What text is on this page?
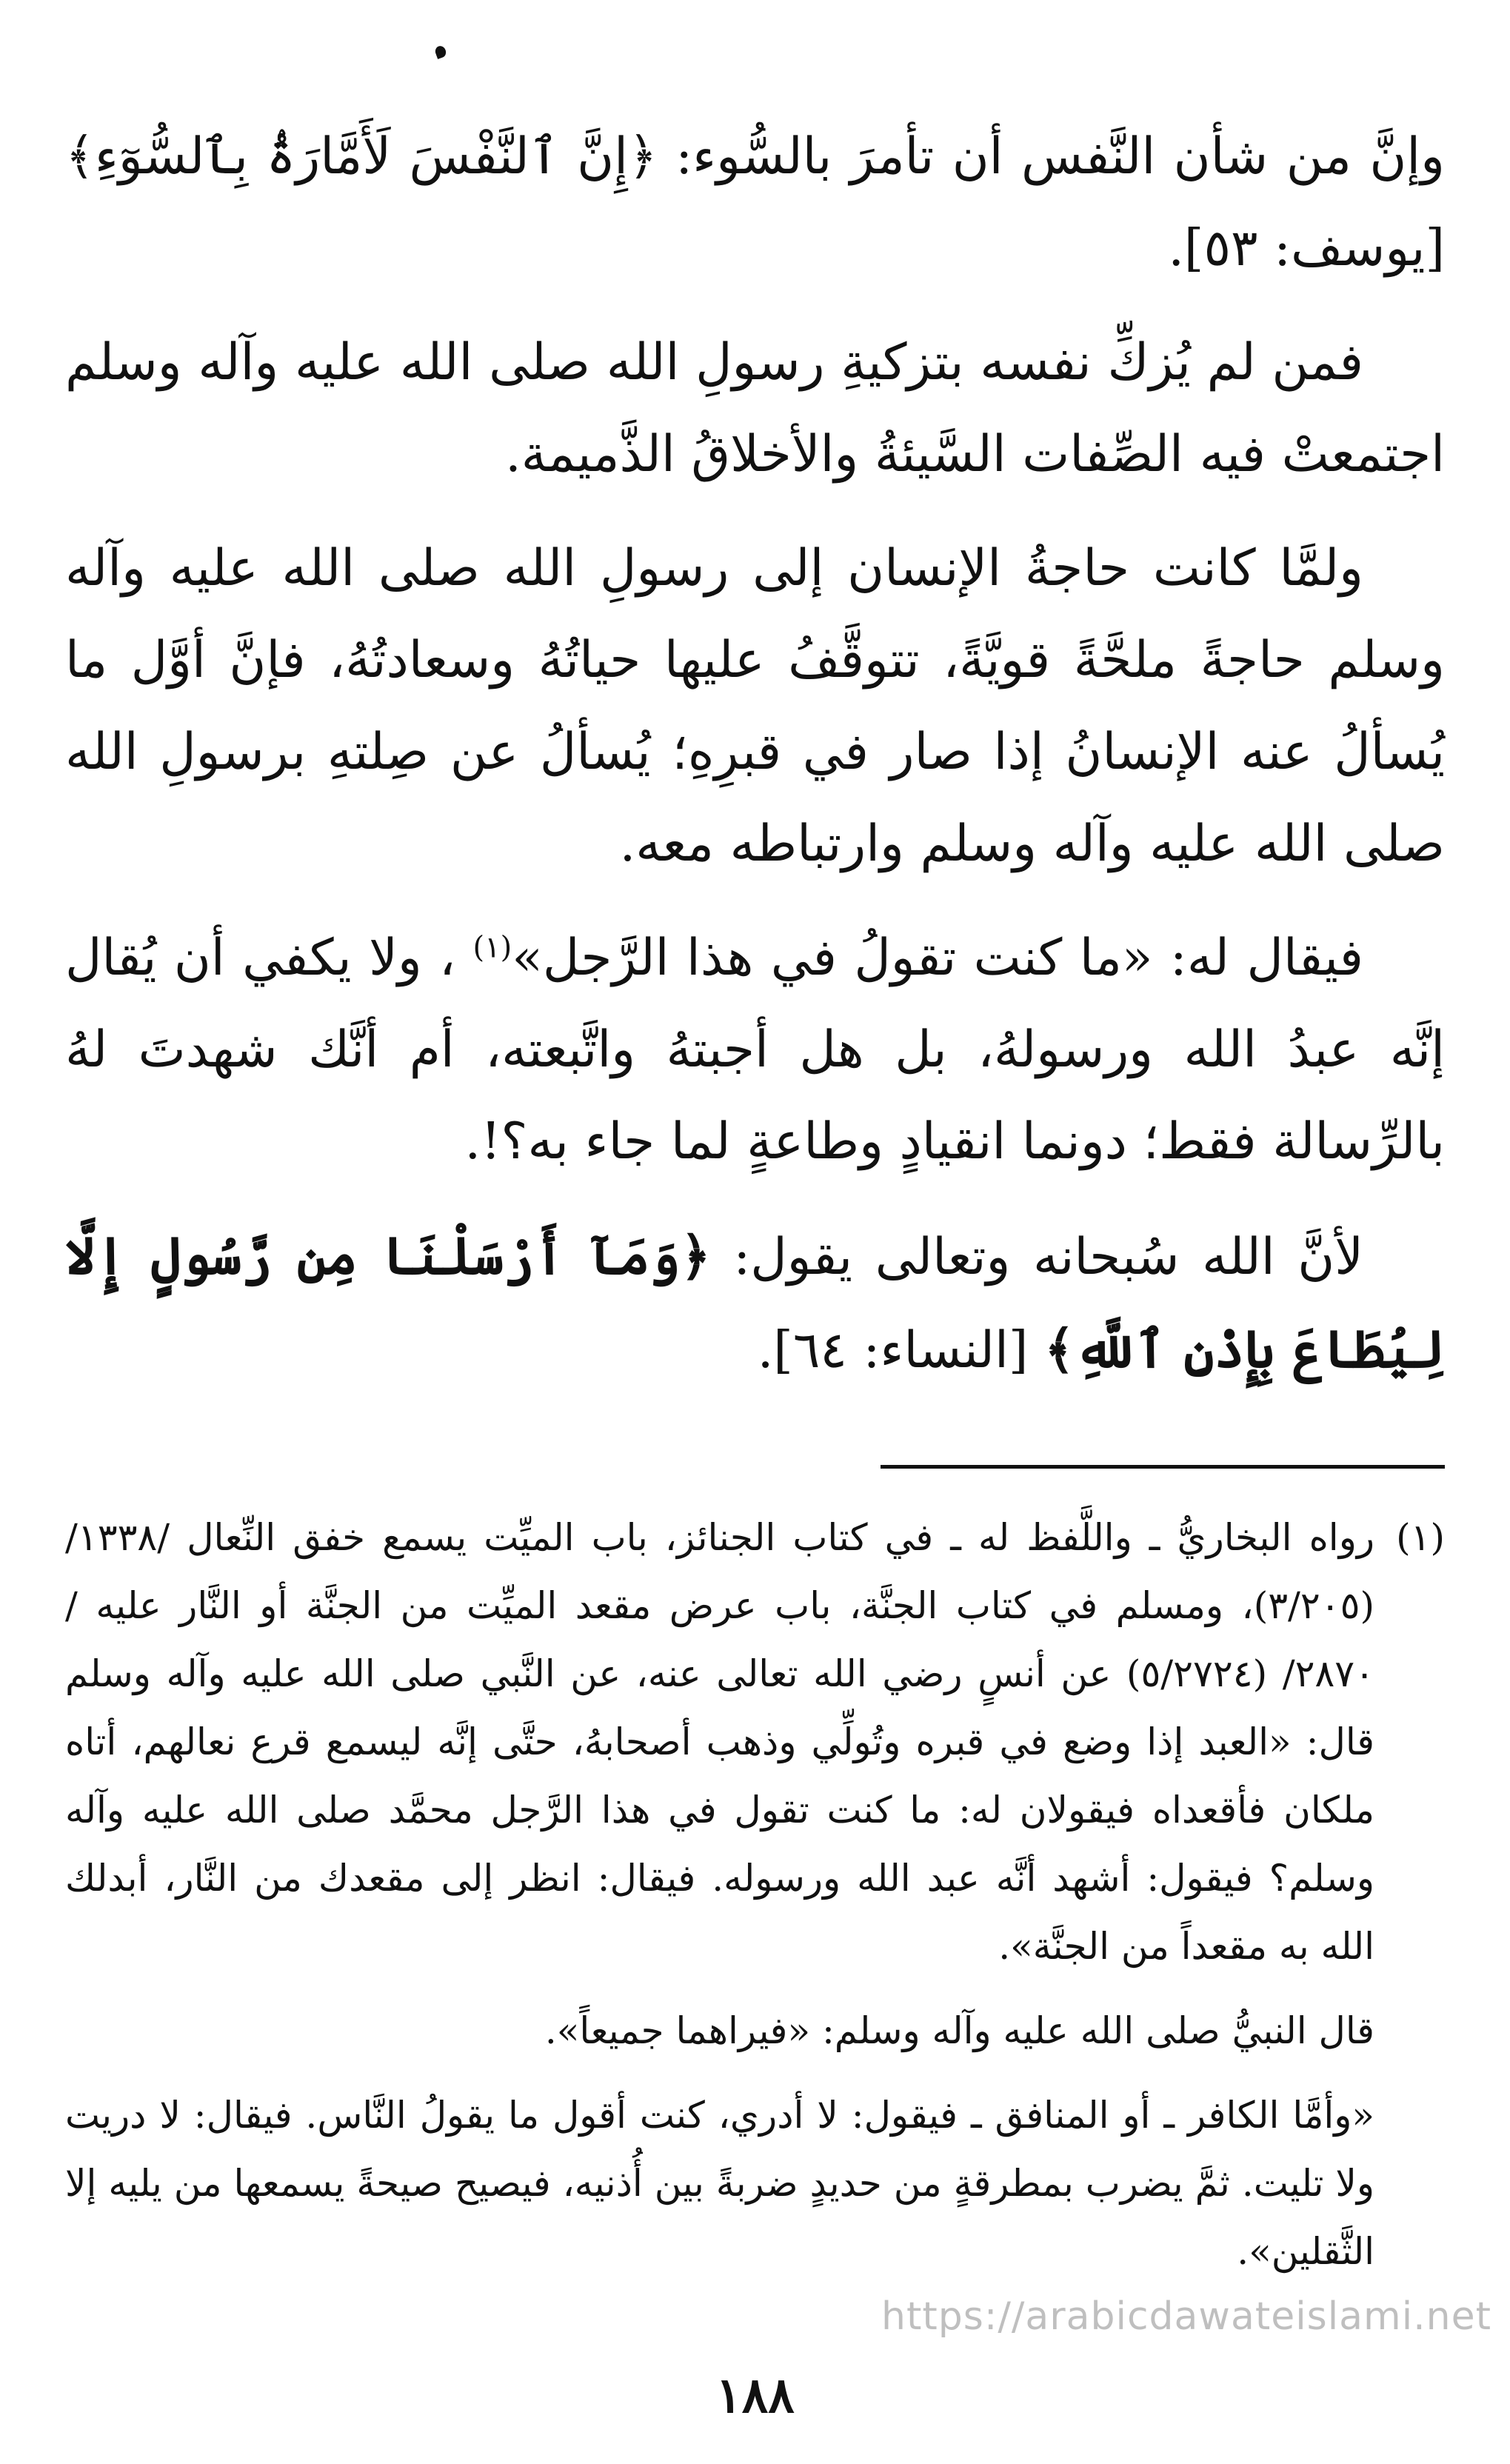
وإنَّ من شأن النَّفس أن تأمرَ بالسُّوء: ﴿إِنَّ ٱلنَّفْسَ لَأَمَّارَةُۢ بِٱلسُّوٓءِ﴾ [يوسف: ٥٣].

فمن لم يُزكِّ نفسه بتزكيةِ رسولِ الله صلى الله عليه وآله وسلم اجتمعتْ فيه الصِّفات السَّيئةُ والأخلاقُ الذَّميمة.

ولمَّا كانت حاجةُ الإنسان إلى رسولِ الله صلى الله عليه وآله وسلم حاجةً ملحَّةً قويَّةً، تتوقَّفُ عليها حياتُهُ وسعادتُهُ، فإنَّ أوَّل ما يُسألُ عنه الإنسانُ إذا صار في قبرِهِ؛ يُسألُ عن صِلتهِ برسولِ الله صلى الله عليه وآله وسلم وارتباطه معه.

فيقال له: «ما كنت تقولُ في هذا الرَّجل»$^{(١)}$ ، ولا يكفي أن يُقال إنَّه عبدُ الله ورسولهُ، بل هل أجبتهُ واتَّبعته، أم أنَّك شهدتَ لهُ بالرِّسالة فقط؛ دونما انقيادٍ وطاعةٍ لما جاء به؟!.

لأنَّ الله سُبحانه وتعالى يقول: ﴿وَمَآ أَرْسَلْنَا مِن رَّسُولٍ إِلَّا لِيُطَاعَ بِإِذْنِ ٱللَّهِ﴾ [النساء: ٦٤].

(١)رواه البخاريُّ ـ واللَّفظ له ـ في كتاب الجنائز، باب الميِّت يسمع خفق النِّعال /١٣٣٨/ (٣/٢٠٥)، ومسلم في كتاب الجنَّة، باب عرض مقعد الميِّت من الجنَّة أو النَّار عليه /٢٨٧٠/ (٥/٢٧٢٤) عن أنسٍ رضي الله تعالى عنه، عن النَّبي صلى الله عليه وآله وسلم قال: «العبد إذا وضع في قبره وتُولِّي وذهب أصحابهُ، حتَّى إنَّه ليسمع قرع نعالهم، أتاه ملكان فأقعداه فيقولان له: ما كنت تقول في هذا الرَّجل محمَّد صلى الله عليه وآله وسلم؟ فيقول: أشهد أنَّه عبد الله ورسوله. فيقال: انظر إلى مقعدك من النَّار، أبدلك الله به مقعداً من الجنَّة».

قال النبيُّ صلى الله عليه وآله وسلم: «فيراهما جميعاً».

«وأمَّا الكافر ـ أو المنافق ـ فيقول: لا أدري، كنت أقول ما يقولُ النَّاس. فيقال: لا دريت ولا تليت. ثمَّ يضرب بمطرقةٍ من حديدٍ ضربةً بين أُذنيه، فيصيح صيحةً يسمعها من يليه إلا الثَّقلين».

https://arabicdawateislami.net
١٨٨
